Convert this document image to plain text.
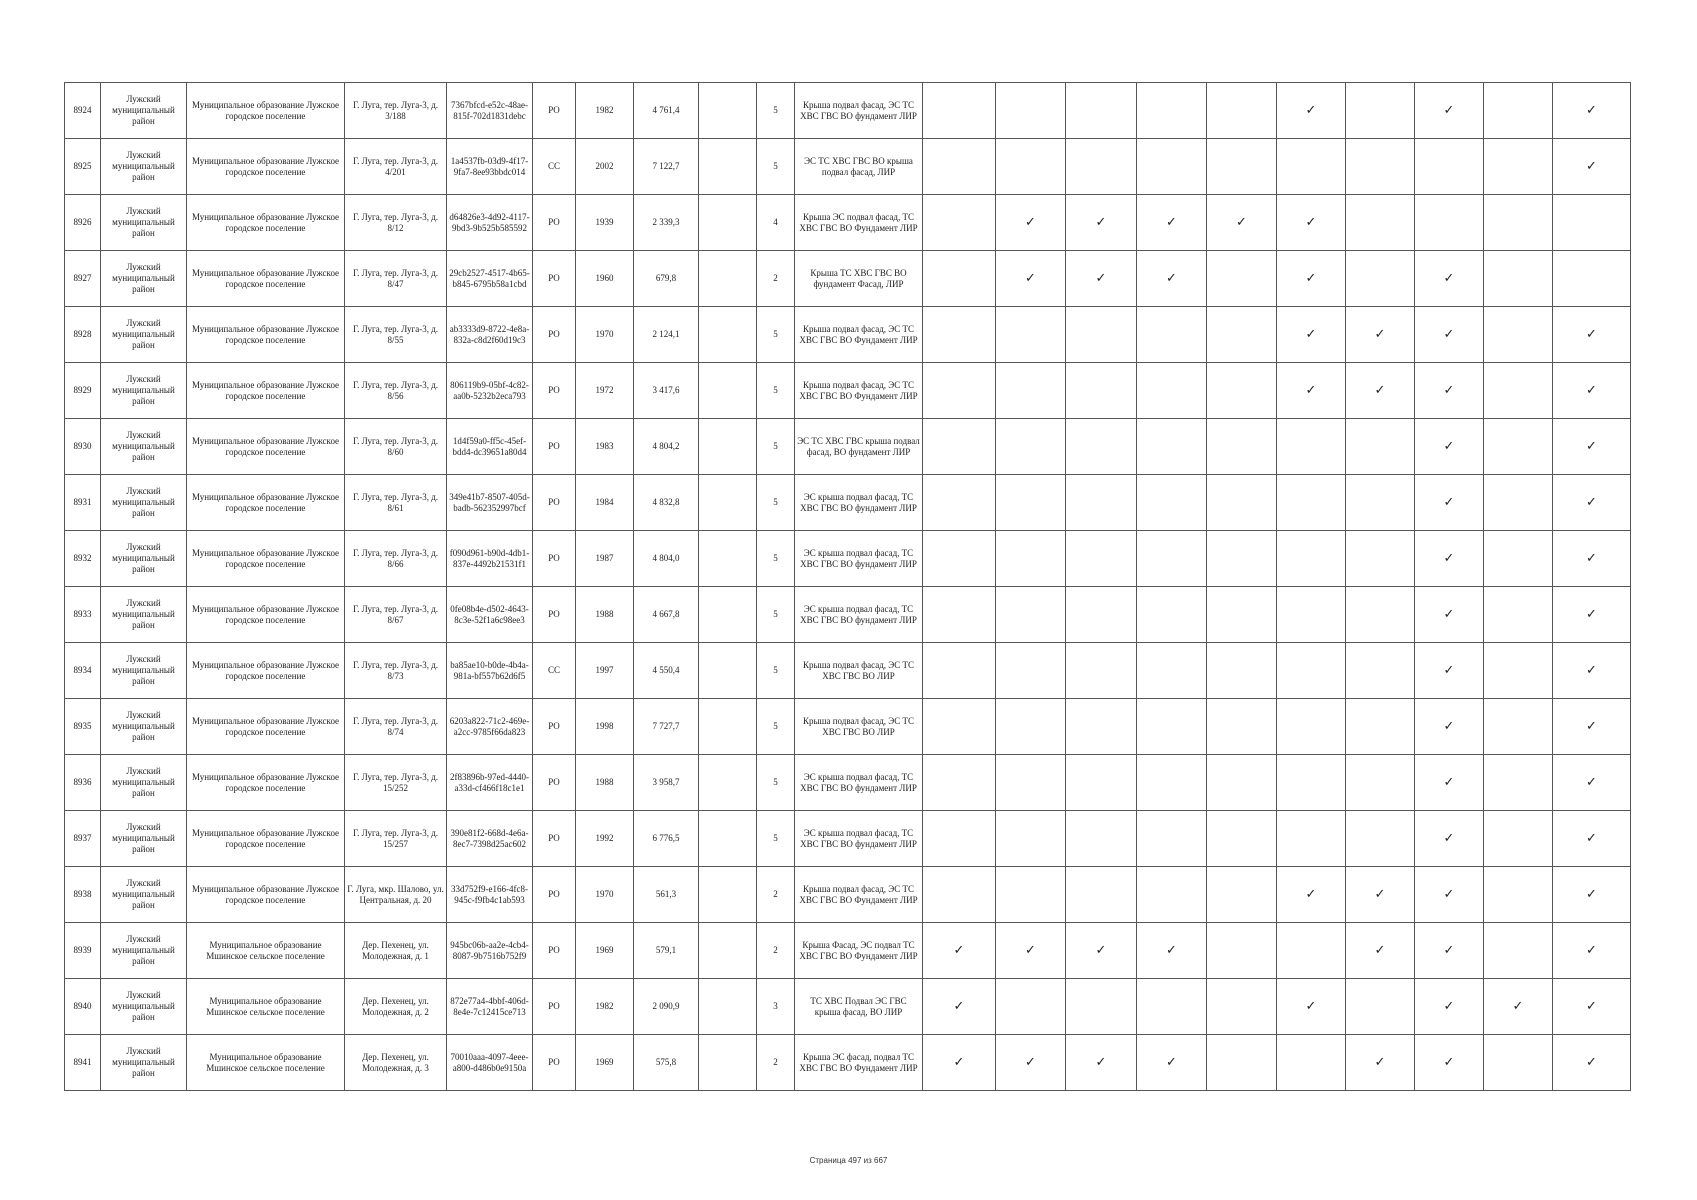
8924	Лужский муниципальный район	Муниципальное образование Лужское городское поселение	Г. Луга, тер. Луга-3, д. 3/188	7367bfcd-e52c-48ae-815f-702d1831debc	РО	1982	4 761,4		5	Крыша подвал фасад, ЭС ТС ХВС ГВС ВО фундамент ЛИР						✓		✓		✓
8925	Лужский муниципальный район	Муниципальное образование Лужское городское поселение	Г. Луга, тер. Луга-3, д. 4/201	1a4537fb-03d9-4f17-9fa7-8ee93bbdc014	СС	2002	7 122,7		5	ЭС ТС ХВС ГВС ВО крыша подвал фасад, ЛИР										✓
8926	Лужский муниципальный район	Муниципальное образование Лужское городское поселение	Г. Луга, тер. Луга-3, д. 8/12	d64826e3-4d92-4117-9bd3-9b525b585592	РО	1939	2 339,3		4	Крыша ЭС подвал фасад, ТС ХВС ГВС ВО Фундамент ЛИР		✓	✓	✓	✓	✓				
8927	Лужский муниципальный район	Муниципальное образование Лужское городское поселение	Г. Луга, тер. Луга-3, д. 8/47	29cb2527-4517-4b65-b845-6795b58a1cbd	РО	1960	679,8		2	Крыша ТС ХВС ГВС ВО фундамент Фасад, ЛИР		✓	✓	✓		✓		✓		
8928	Лужский муниципальный район	Муниципальное образование Лужское городское поселение	Г. Луга, тер. Луга-3, д. 8/55	ab3333d9-8722-4e8a-832a-c8d2f60d19c3	РО	1970	2 124,1		5	Крыша подвал фасад, ЭС ТС ХВС ГВС ВО Фундамент ЛИР						✓	✓	✓		✓
8929	Лужский муниципальный район	Муниципальное образование Лужское городское поселение	Г. Луга, тер. Луга-3, д. 8/56	806119b9-05bf-4c82-aa0b-5232b2eca793	РО	1972	3 417,6		5	Крыша подвал фасад, ЭС ТС ХВС ГВС ВО Фундамент ЛИР						✓	✓	✓		✓
8930	Лужский муниципальный район	Муниципальное образование Лужское городское поселение	Г. Луга, тер. Луга-3, д. 8/60	1d4f59a0-ff5c-45ef-bdd4-dc39651a80d4	РО	1983	4 804,2		5	ЭС ТС ХВС ГВС крыша подвал фасад, ВО фундамент ЛИР								✓		✓
8931	Лужский муниципальный район	Муниципальное образование Лужское городское поселение	Г. Луга, тер. Луга-3, д. 8/61	349e41b7-8507-405d-badb-562352997bcf	РО	1984	4 832,8		5	ЭС крыша подвал фасад, ТС ХВС ГВС ВО фундамент ЛИР								✓		✓
8932	Лужский муниципальный район	Муниципальное образование Лужское городское поселение	Г. Луга, тер. Луга-3, д. 8/66	f090d961-b90d-4db1-837e-4492b21531f1	РО	1987	4 804,0		5	ЭС крыша подвал фасад, ТС ХВС ГВС ВО фундамент ЛИР								✓		✓
8933	Лужский муниципальный район	Муниципальное образование Лужское городское поселение	Г. Луга, тер. Луга-3, д. 8/67	0fe08b4e-d502-4643-8c3e-52f1a6c98ee3	РО	1988	4 667,8		5	ЭС крыша подвал фасад, ТС ХВС ГВС ВО фундамент ЛИР								✓		✓
8934	Лужский муниципальный район	Муниципальное образование Лужское городское поселение	Г. Луга, тер. Луга-3, д. 8/73	ba85ae10-b0de-4b4a-981a-bf557b62d6f5	СС	1997	4 550,4		5	Крыша подвал фасад, ЭС ТС ХВС ГВС ВО ЛИР								✓		✓
8935	Лужский муниципальный район	Муниципальное образование Лужское городское поселение	Г. Луга, тер. Луга-3, д. 8/74	6203a822-71c2-469e-a2cc-9785f66da823	РО	1998	7 727,7		5	Крыша подвал фасад, ЭС ТС ХВС ГВС ВО ЛИР								✓		✓
8936	Лужский муниципальный район	Муниципальное образование Лужское городское поселение	Г. Луга, тер. Луга-3, д. 15/252	2f83896b-97ed-4440-a33d-cf466f18c1e1	РО	1988	3 958,7		5	ЭС крыша подвал фасад, ТС ХВС ГВС ВО фундамент ЛИР								✓		✓
8937	Лужский муниципальный район	Муниципальное образование Лужское городское поселение	Г. Луга, тер. Луга-3, д. 15/257	390e81f2-668d-4e6a-8ec7-7398d25ac602	РО	1992	6 776,5		5	ЭС крыша подвал фасад, ТС ХВС ГВС ВО фундамент ЛИР								✓		✓
8938	Лужский муниципальный район	Муниципальное образование Лужское городское поселение	Г. Луга, мкр. Шалово, ул. Центральная, д. 20	33d752f9-e166-4fc8-945c-f9fb4c1ab593	РО	1970	561,3		2	Крыша подвал фасад, ЭС ТС ХВС ГВС ВО Фундамент ЛИР						✓	✓	✓		✓
8939	Лужский муниципальный район	Муниципальное образование Мшинское сельское поселение	Дер. Пехенец, ул. Молодежная, д. 1	945bc06b-aa2e-4cb4-8087-9b7516b752f9	РО	1969	579,1		2	Крыша Фасад, ЭС подвал ТС ХВС ГВС ВО Фундамент ЛИР	✓	✓	✓	✓			✓	✓		✓
8940	Лужский муниципальный район	Муниципальное образование Мшинское сельское поселение	Дер. Пехенец, ул. Молодежная, д. 2	872e77a4-4bbf-406d-8e4e-7c12415ce713	РО	1982	2 090,9		3	ТС ХВС Подвал ЭС ГВС крыша фасад, ВО ЛИР	✓					✓		✓	✓	✓
8941	Лужский муниципальный район	Муниципальное образование Мшинское сельское поселение	Дер. Пехенец, ул. Молодежная, д. 3	70010aaa-4097-4eee-a800-d486b0e9150a	РО	1969	575,8		2	Крыша ЭС фасад, подвал ТС ХВС ГВС ВО Фундамент ЛИР	✓	✓	✓	✓			✓	✓		✓
Страница 497 из 667
